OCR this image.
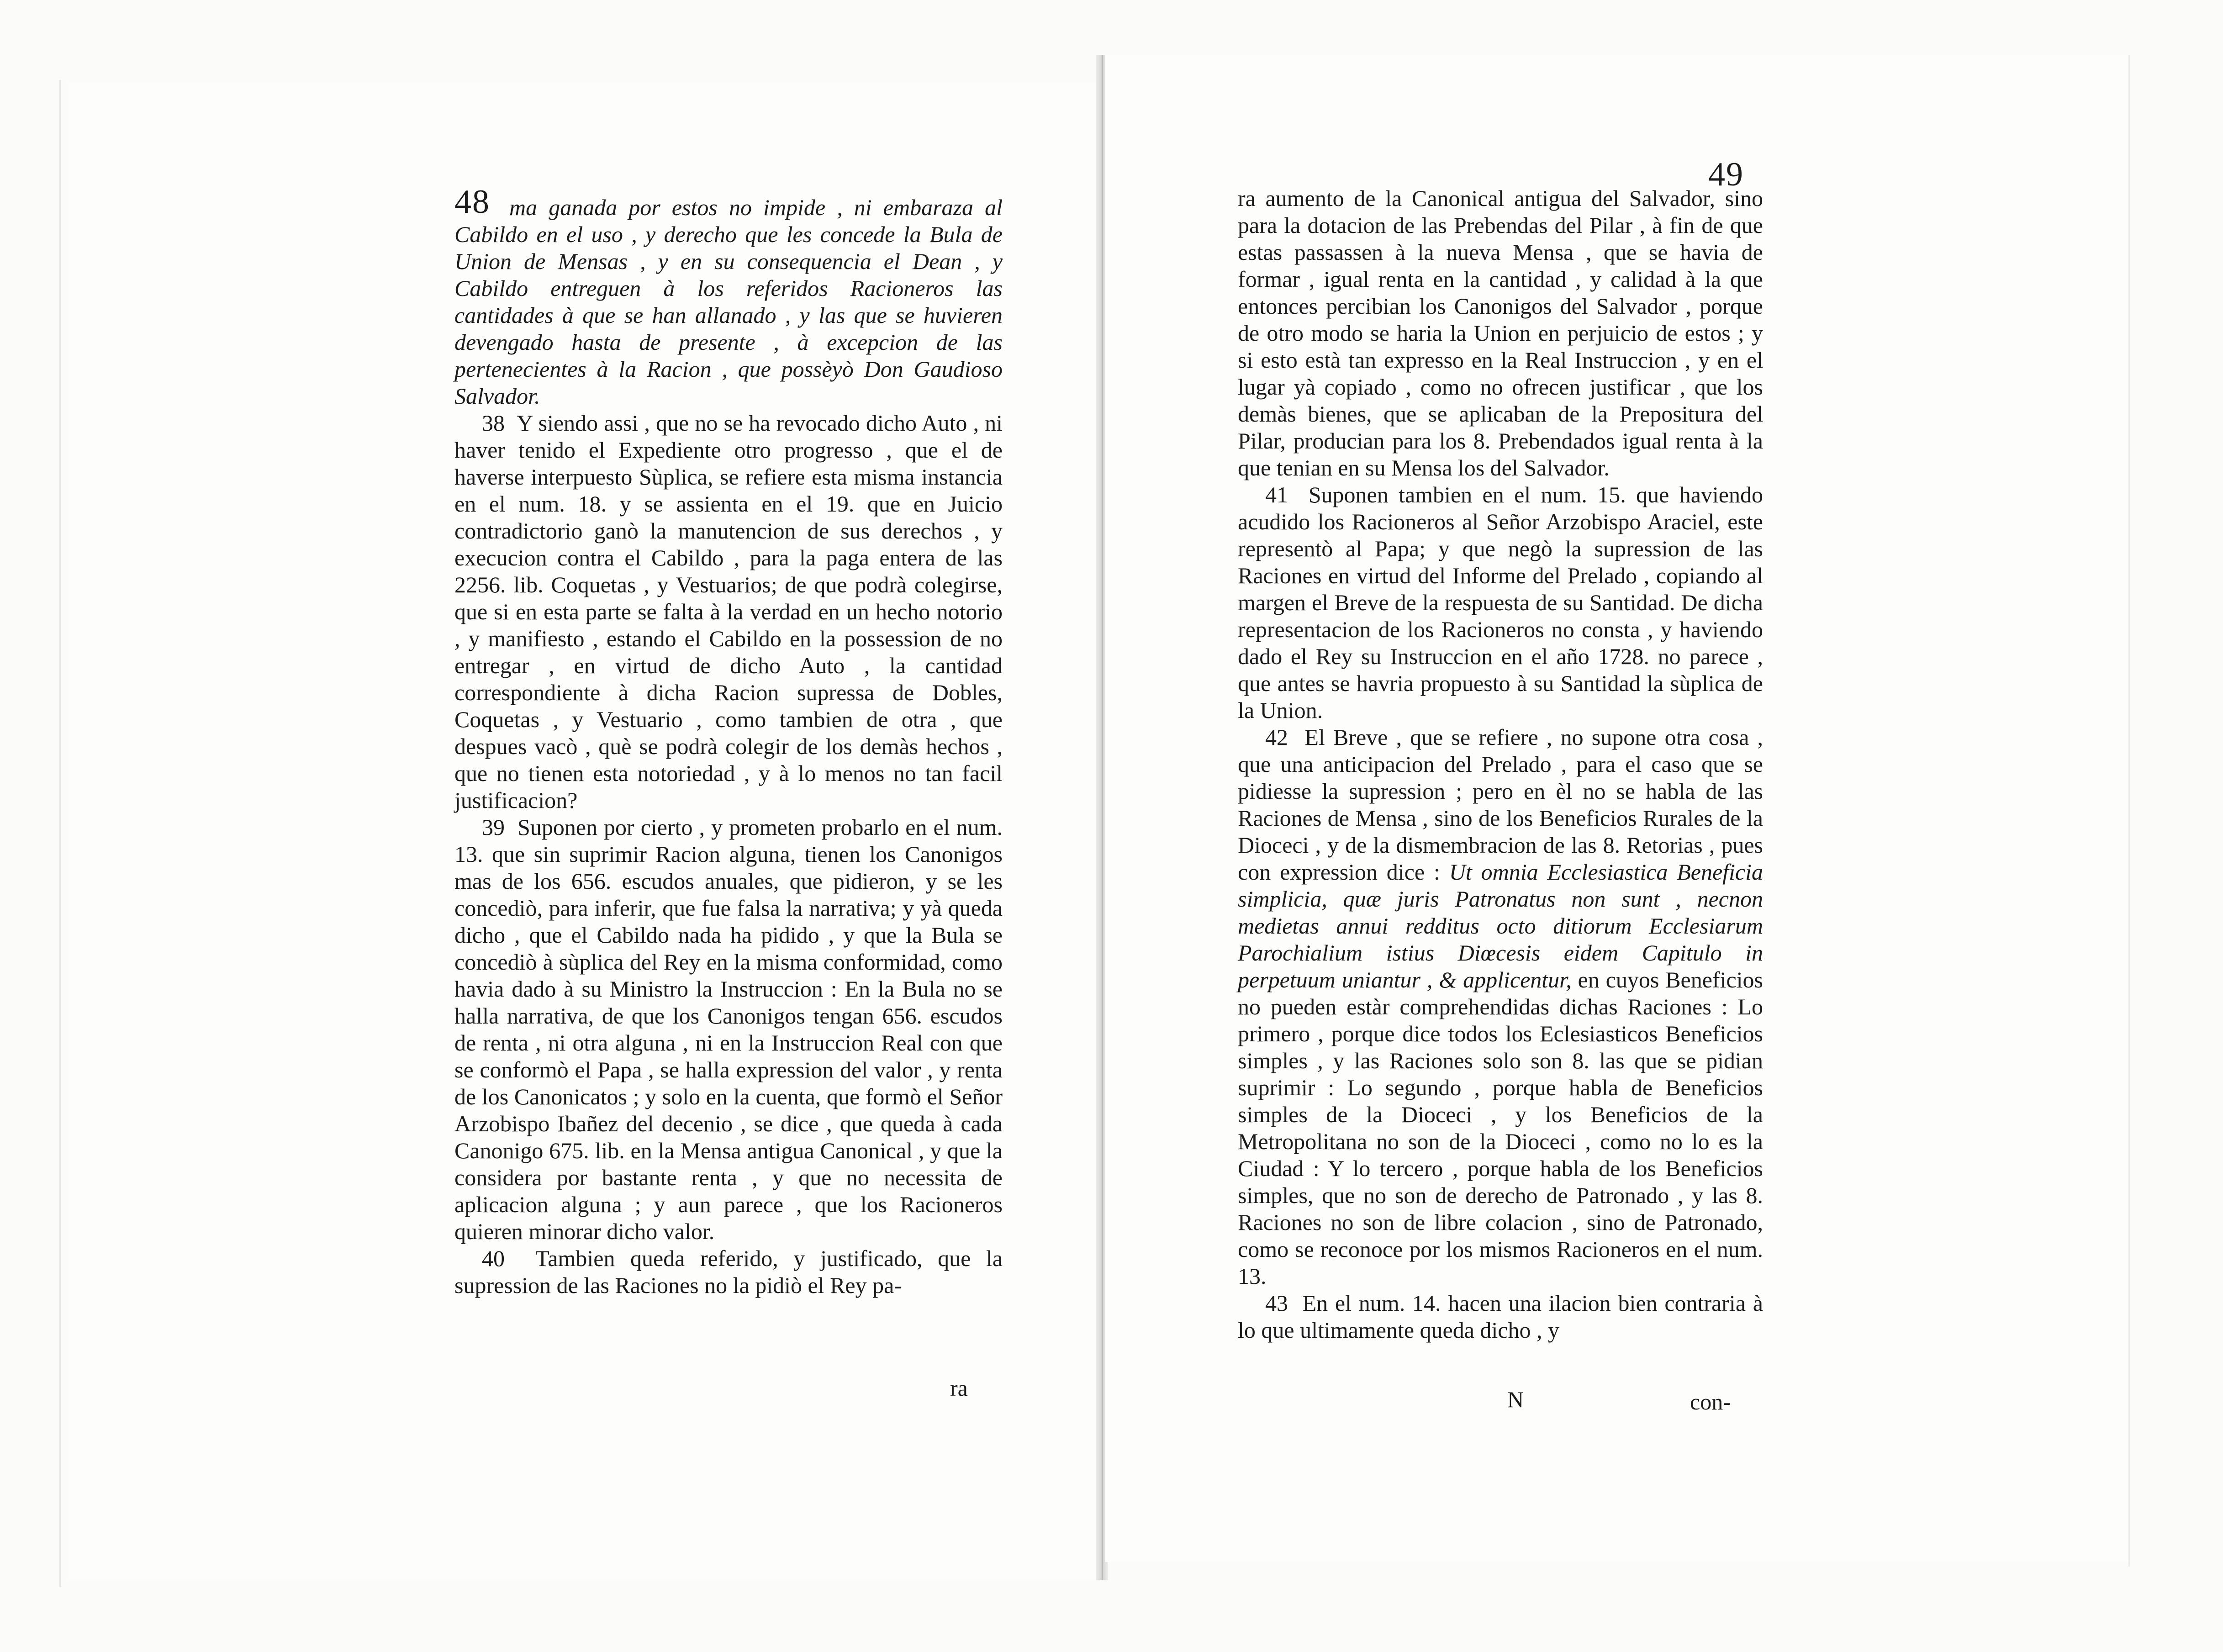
48 ma ganada por estos no impide , ni embaraza al Cabildo en el uso , y derecho que les concede la Bula de Union de Mensas , y en su consequencia el Dean , y Cabildo entreguen à los referidos Racioneros las cantidades à que se han allanado , y las que se huvieren devengado hasta de presente , à excepcion de las pertenecientes à la Racion , que possèyò Don Gaudioso Salvador.

38 Y siendo assi , que no se ha revocado dicho Auto , ni haver tenido el Expediente otro progresso , que el de haverse interpuesto Sùplica, se refiere esta misma instancia en el num. 18. y se assienta en el 19. que en Juicio contradictorio ganò la manutencion de sus derechos , y execucion contra el Cabildo , para la paga entera de las 2256. lib. Coquetas , y Vestuarios; de que podrà colegirse, que si en esta parte se falta à la verdad en un hecho notorio , y manifiesto , estando el Cabildo en la possession de no entregar , en virtud de dicho Auto , la cantidad correspondiente à dicha Racion supressa de Dobles, Coquetas , y Vestuario , como tambien de otra , que despues vacò , què se podrà colegir de los demàs hechos , que no tienen esta notoriedad , y à lo menos no tan facil justificacion?

39 Suponen por cierto , y prometen probarlo en el num. 13. que sin suprimir Racion alguna, tienen los Canonigos mas de los 656. escudos anuales, que pidieron, y se les concediò, para inferir, que fue falsa la narrativa; y yà queda dicho , que el Cabildo nada ha pidido , y que la Bula se concediò à sùplica del Rey en la misma conformidad, como havia dado à su Ministro la Instruccion : En la Bula no se halla narrativa, de que los Canonigos tengan 656. escudos de renta , ni otra alguna , ni en la Instruccion Real con que se conformò el Papa , se halla expression del valor , y renta de los Canonicatos ; y solo en la cuenta, que formò el Señor Arzobispo Ibañez del decenio , se dice , que queda à cada Canonigo 675. lib. en la Mensa antigua Canonical , y que la considera por bastante renta , y que no necessita de aplicacion alguna ; y aun parece , que los Racioneros quieren minorar dicho valor.

40 Tambien queda referido, y justificado, que la supression de las Raciones no la pidiò el Rey pa-

ra
49

ra aumento de la Canonical antigua del Salvador, sino para la dotacion de las Prebendas del Pilar , à fin de que estas passassen à la nueva Mensa , que se havia de formar , igual renta en la cantidad , y calidad à la que entonces percibian los Canonigos del Salvador , porque de otro modo se haria la Union en perjuicio de estos ; y si esto està tan expresso en la Real Instruccion , y en el lugar yà copiado , como no ofrecen justificar , que los demàs bienes, que se aplicaban de la Prepositura del Pilar, producian para los 8. Prebendados igual renta à la que tenian en su Mensa los del Salvador.

41 Suponen tambien en el num. 15. que haviendo acudido los Racioneros al Señor Arzobispo Araciel, este representò al Papa; y que negò la supression de las Raciones en virtud del Informe del Prelado , copiando al margen el Breve de la respuesta de su Santidad. De dicha representacion de los Racioneros no consta , y haviendo dado el Rey su Instruccion en el año 1728. no parece , que antes se havria propuesto à su Santidad la sùplica de la Union.

42 El Breve , que se refiere , no supone otra cosa , que una anticipacion del Prelado , para el caso que se pidiesse la supression ; pero en èl no se habla de las Raciones de Mensa , sino de los Beneficios Rurales de la Dioceci , y de la dismembracion de las 8. Retorias , pues con expression dice : Ut omnia Ecclesiastica Beneficia simplicia, quæ juris Patronatus non sunt , necnon medietas annui redditus octo ditiorum Ecclesiarum Parochialium istius Diœcesis eidem Capitulo in perpetuum uniantur , & applicentur, en cuyos Beneficios no pueden estàr comprehendidas dichas Raciones : Lo primero , porque dice todos los Eclesiasticos Beneficios simples , y las Raciones solo son 8. las que se pidian suprimir : Lo segundo , porque habla de Beneficios simples de la Dioceci , y los Beneficios de la Metropolitana no son de la Dioceci , como no lo es la Ciudad : Y lo tercero , porque habla de los Beneficios simples, que no son de derecho de Patronado , y las 8. Raciones no son de libre colacion , sino de Patronado, como se reconoce por los mismos Racioneros en el num. 13.

43 En el num. 14. hacen una ilacion bien contraria à lo que ultimamente queda dicho , y

N	con-
